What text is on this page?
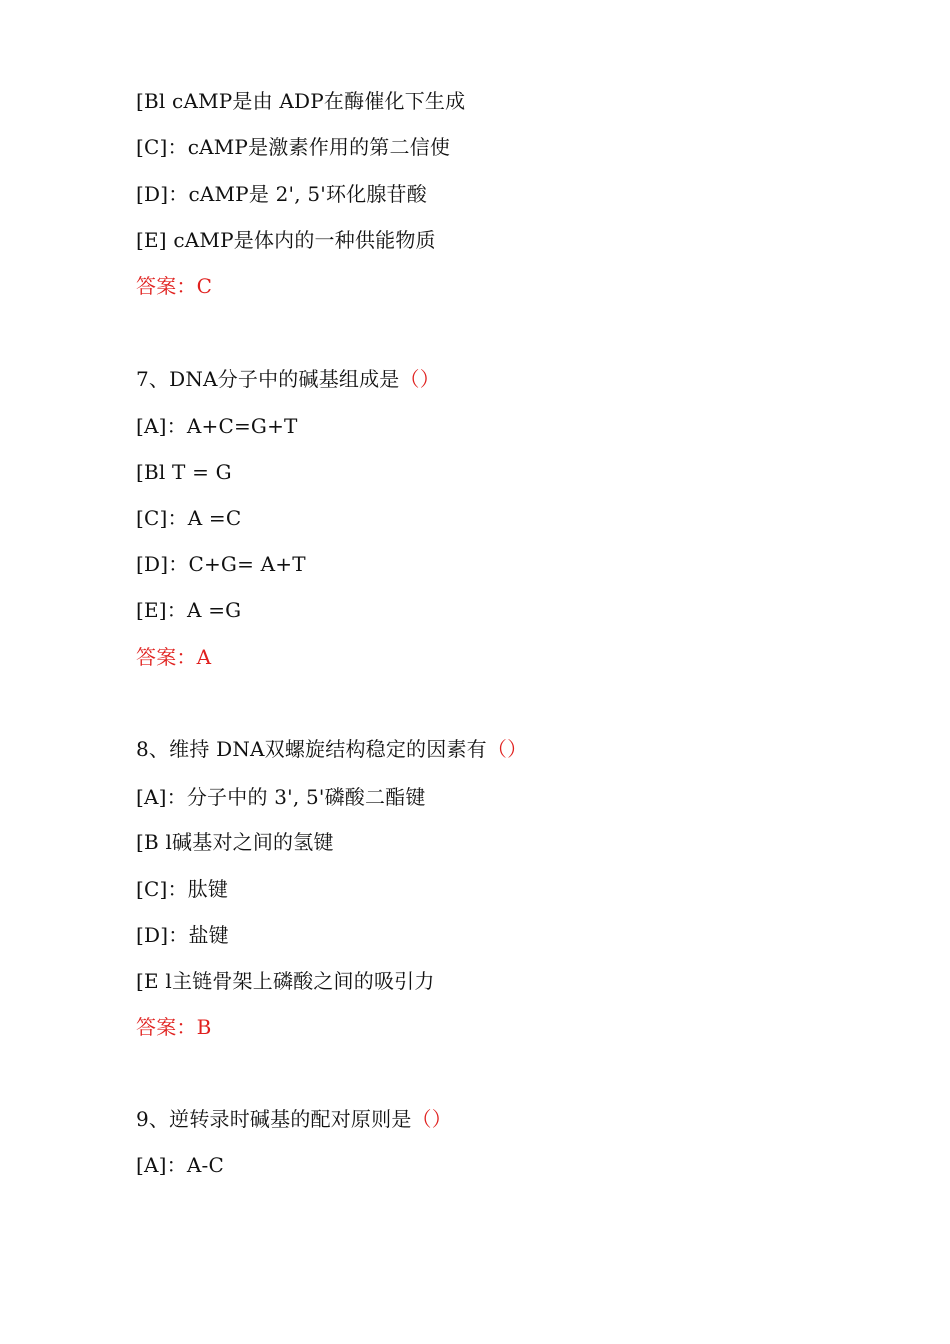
[Bl cAMP是由 ADP在酶催化下生成
[C]：cAMP是激素作用的第二信使
[D]：cAMP是 2', 5'环化腺苷酸
[E] cAMP是体内的一种供能物质
答案：C
7、DNA分子中的碱基组成是（）
[A]：A+C=G+T
[Bl T = G
[C]：A =C
[D]：C+G= A+T
[E]：A =G
答案：A
8、维持 DNA双螺旋结构稳定的因素有（）
[A]：分子中的 3', 5'磷酸二酯键
[B l碱基对之间的氢键
[C]：肽键
[D]：盐键
[E l主链骨架上磷酸之间的吸引力
答案：B
9、逆转录时碱基的配对原则是（）
[A]：A-C
